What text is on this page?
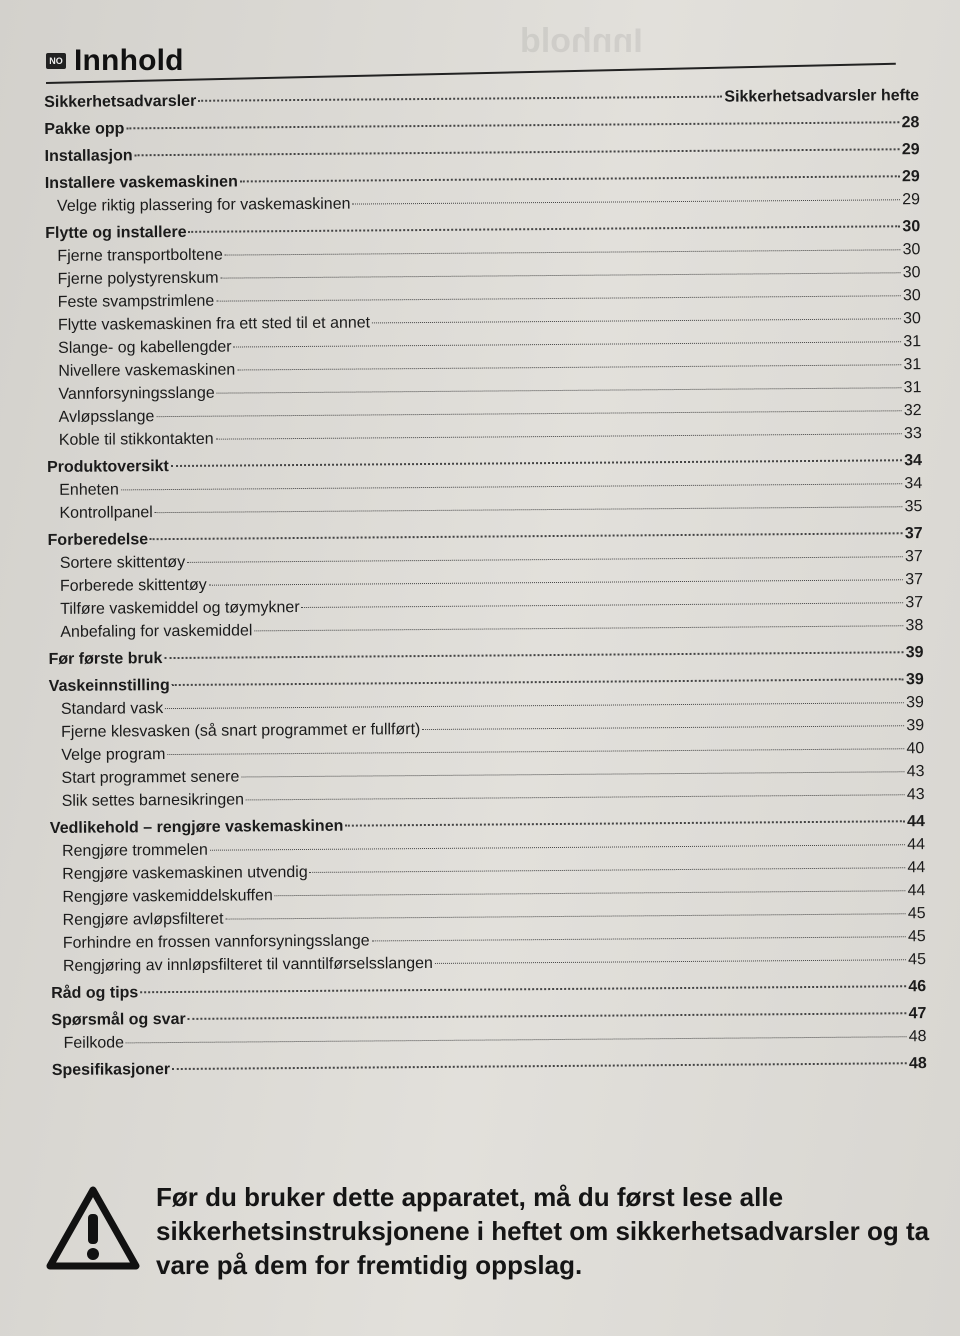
Innhold
NO Innhold
Sikkerhetsadvarsler	Sikkerhetsadvarsler hefte
Pakke opp	28
Installasjon	29
Installere vaskemaskinen	29
Velge riktig plassering for vaskemaskinen	29
Flytte og installere	30
Fjerne transportboltene	30
Fjerne polystyrenskum	30
Feste svampstrimlene	30
Flytte vaskemaskinen fra ett sted til et annet	30
Slange- og kabellengder	31
Nivellere vaskemaskinen	31
Vannforsyningsslange	31
Avløpsslange	32
Koble til stikkontakten	33
Produktoversikt	34
Enheten	34
Kontrollpanel	35
Forberedelse	37
Sortere skittentøy	37
Forberede skittentøy	37
Tilføre vaskemiddel og tøymykner	37
Anbefaling for vaskemiddel	38
Før første bruk	39
Vaskeinnstilling	39
Standard vask	39
Fjerne klesvasken (så snart programmet er fullført)	39
Velge program	40
Start programmet senere	43
Slik settes barnesikringen	43
Vedlikehold – rengjøre vaskemaskinen	44
Rengjøre trommelen	44
Rengjøre vaskemaskinen utvendig	44
Rengjøre vaskemiddelskuffen	44
Rengjøre avløpsfilteret	45
Forhindre en frossen vannforsyningsslange	45
Rengjøring av innløpsfilteret til vanntilførselsslangen	45
Råd og tips	46
Spørsmål og svar	47
Feilkode	48
Spesifikasjoner	48
Før du bruker dette apparatet, må du først lese alle
sikkerhetsinstruksjonene i heftet om sikkerhetsadvarsler og ta
vare på dem for fremtidig oppslag.
